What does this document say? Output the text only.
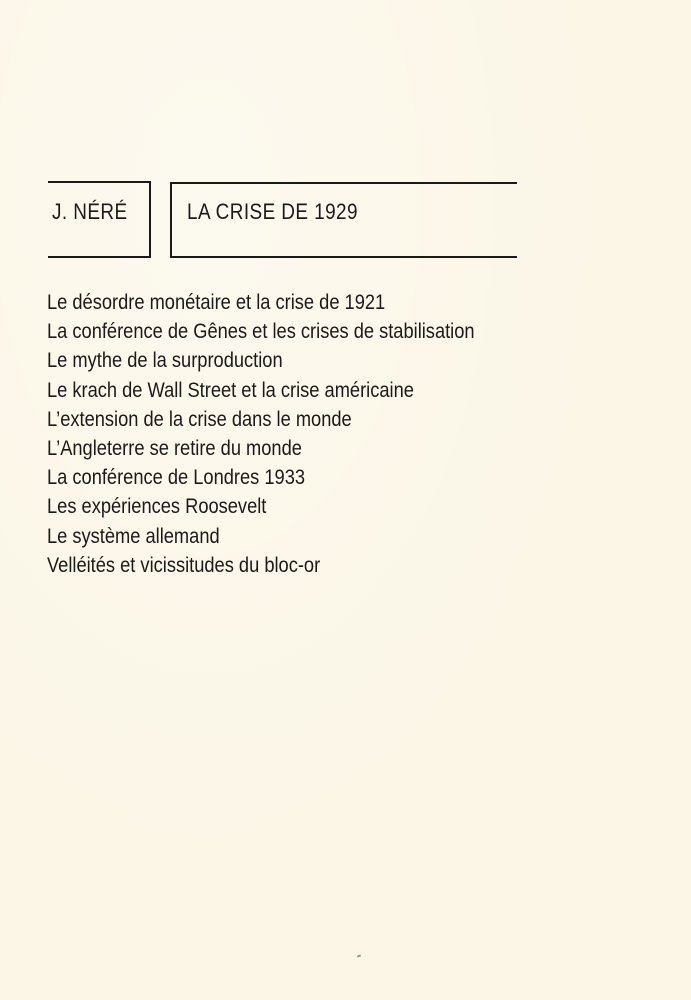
J. NÉRÉ	LA CRISE DE 1929
Le désordre monétaire et la crise de 1921
La conférence de Gênes et les crises de stabilisation
Le mythe de la surproduction
Le krach de Wall Street et la crise américaine
L’extension de la crise dans le monde
L’Angleterre se retire du monde
La conférence de Londres 1933
Les expériences Roosevelt
Le système allemand
Velléités et vicissitudes du bloc-or
